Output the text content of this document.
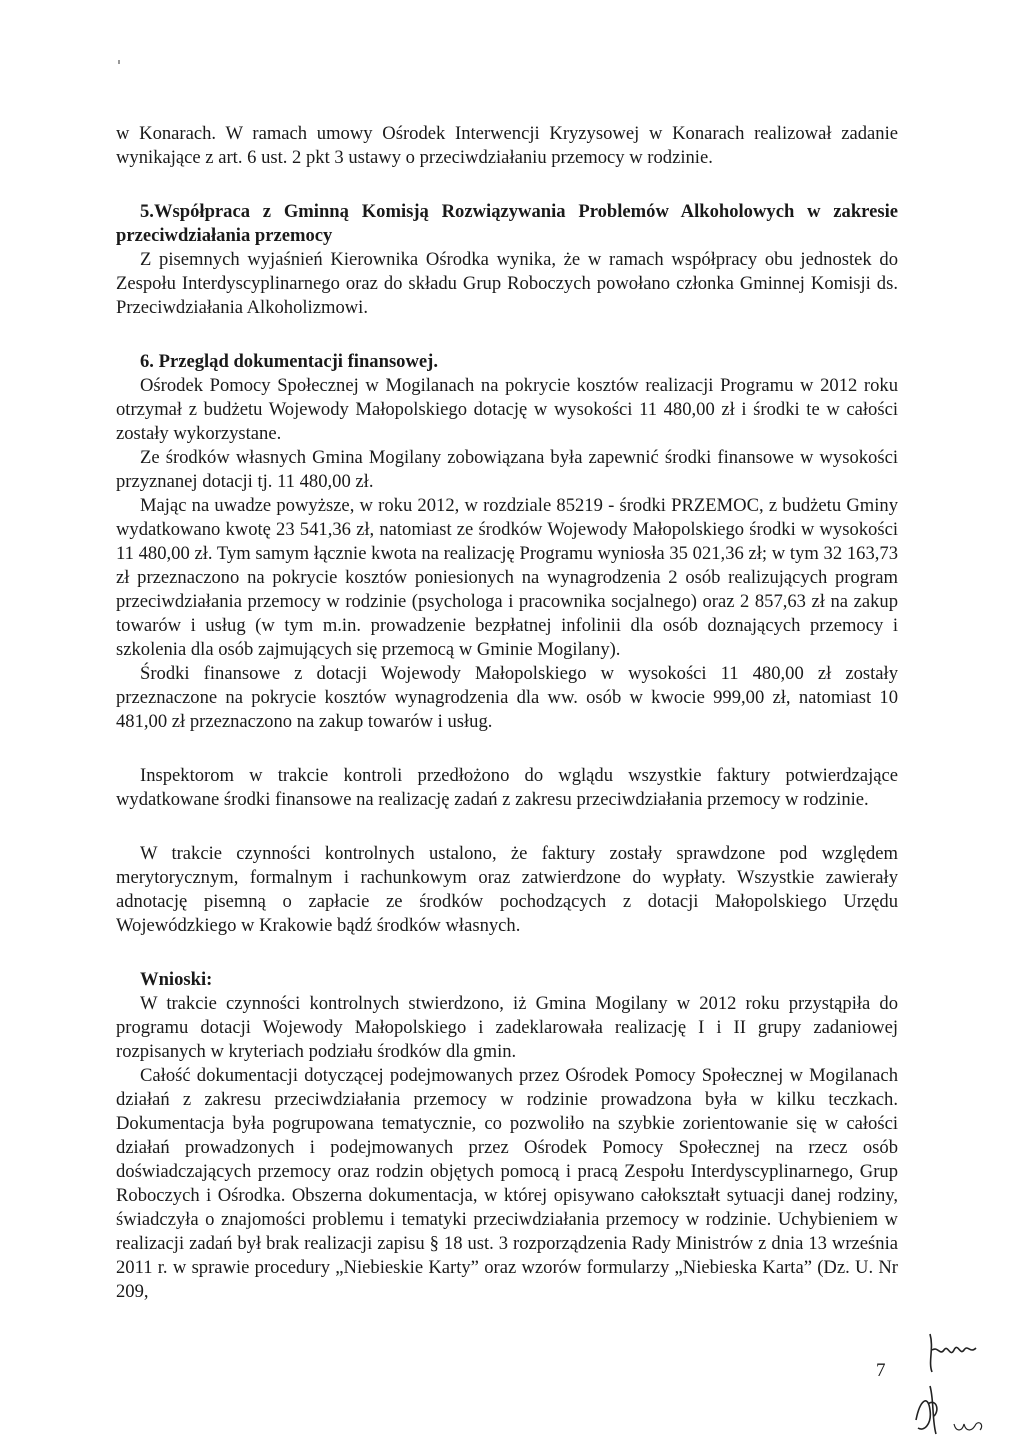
w Konarach. W ramach umowy Ośrodek Interwencji Kryzysowej w Konarach realizował zadanie wynikające z art. 6 ust. 2 pkt 3 ustawy o przeciwdziałaniu przemocy w rodzinie.

5.Współpraca z Gminną Komisją Rozwiązywania Problemów Alkoholowych w zakresie przeciwdziałania przemocy

Z pisemnych wyjaśnień Kierownika Ośrodka wynika, że w ramach współpracy obu jednostek do Zespołu Interdyscyplinarnego oraz do składu Grup Roboczych powołano członka Gminnej Komisji ds. Przeciwdziałania Alkoholizmowi.

6. Przegląd dokumentacji finansowej.

Ośrodek Pomocy Społecznej w Mogilanach na pokrycie kosztów realizacji Programu w 2012 roku otrzymał z budżetu Wojewody Małopolskiego dotację w wysokości 11 480,00 zł i środki te w całości zostały wykorzystane.

Ze środków własnych Gmina Mogilany zobowiązana była zapewnić środki finansowe w wysokości przyznanej dotacji tj. 11 480,00 zł.

Mając na uwadze powyższe, w roku 2012, w rozdziale 85219 - środki PRZEMOC, z budżetu Gminy wydatkowano kwotę 23 541,36 zł, natomiast ze środków Wojewody Małopolskiego środki w wysokości 11 480,00 zł. Tym samym łącznie kwota na realizację Programu wyniosła 35 021,36 zł; w tym 32 163,73 zł przeznaczono na pokrycie kosztów poniesionych na wynagrodzenia 2 osób realizujących program przeciwdziałania przemocy w rodzinie (psychologa i pracownika socjalnego) oraz 2 857,63 zł na zakup towarów i usług (w tym m.in. prowadzenie bezpłatnej infolinii dla osób doznających przemocy i szkolenia dla osób zajmujących się przemocą w Gminie Mogilany).

Środki finansowe z dotacji Wojewody Małopolskiego w wysokości 11 480,00 zł zostały przeznaczone na pokrycie kosztów wynagrodzenia dla ww. osób w kwocie 999,00 zł, natomiast 10 481,00 zł przeznaczono na zakup towarów i usług.

Inspektorom w trakcie kontroli przedłożono do wglądu wszystkie faktury potwierdzające wydatkowane środki finansowe na realizację zadań z zakresu przeciwdziałania przemocy w rodzinie.

W trakcie czynności kontrolnych ustalono, że faktury zostały sprawdzone pod względem merytorycznym, formalnym i rachunkowym oraz zatwierdzone do wypłaty. Wszystkie zawierały adnotację pisemną o zapłacie ze środków pochodzących z dotacji Małopolskiego Urzędu Wojewódzkiego w Krakowie bądź środków własnych.

Wnioski:

W trakcie czynności kontrolnych stwierdzono, iż Gmina Mogilany w 2012 roku przystąpiła do programu dotacji Wojewody Małopolskiego i zadeklarowała realizację I i II grupy zadaniowej rozpisanych w kryteriach podziału środków dla gmin.

Całość dokumentacji dotyczącej podejmowanych przez Ośrodek Pomocy Społecznej w Mogilanach działań z zakresu przeciwdziałania przemocy w rodzinie prowadzona była w kilku teczkach. Dokumentacja była pogrupowana tematycznie, co pozwoliło na szybkie zorientowanie się w całości działań prowadzonych i podejmowanych przez Ośrodek Pomocy Społecznej na rzecz osób doświadczających przemocy oraz rodzin objętych pomocą i pracą Zespołu Interdyscyplinarnego, Grup Roboczych i Ośrodka. Obszerna dokumentacja, w której opisywano całokształt sytuacji danej rodziny, świadczyła o znajomości problemu i tematyki przeciwdziałania przemocy w rodzinie. Uchybieniem w realizacji zadań był brak realizacji zapisu § 18 ust. 3 rozporządzenia Rady Ministrów z dnia 13 września 2011 r. w sprawie procedury „Niebieskie Karty” oraz wzorów formularzy „Niebieska Karta” (Dz. U. Nr 209,

7
